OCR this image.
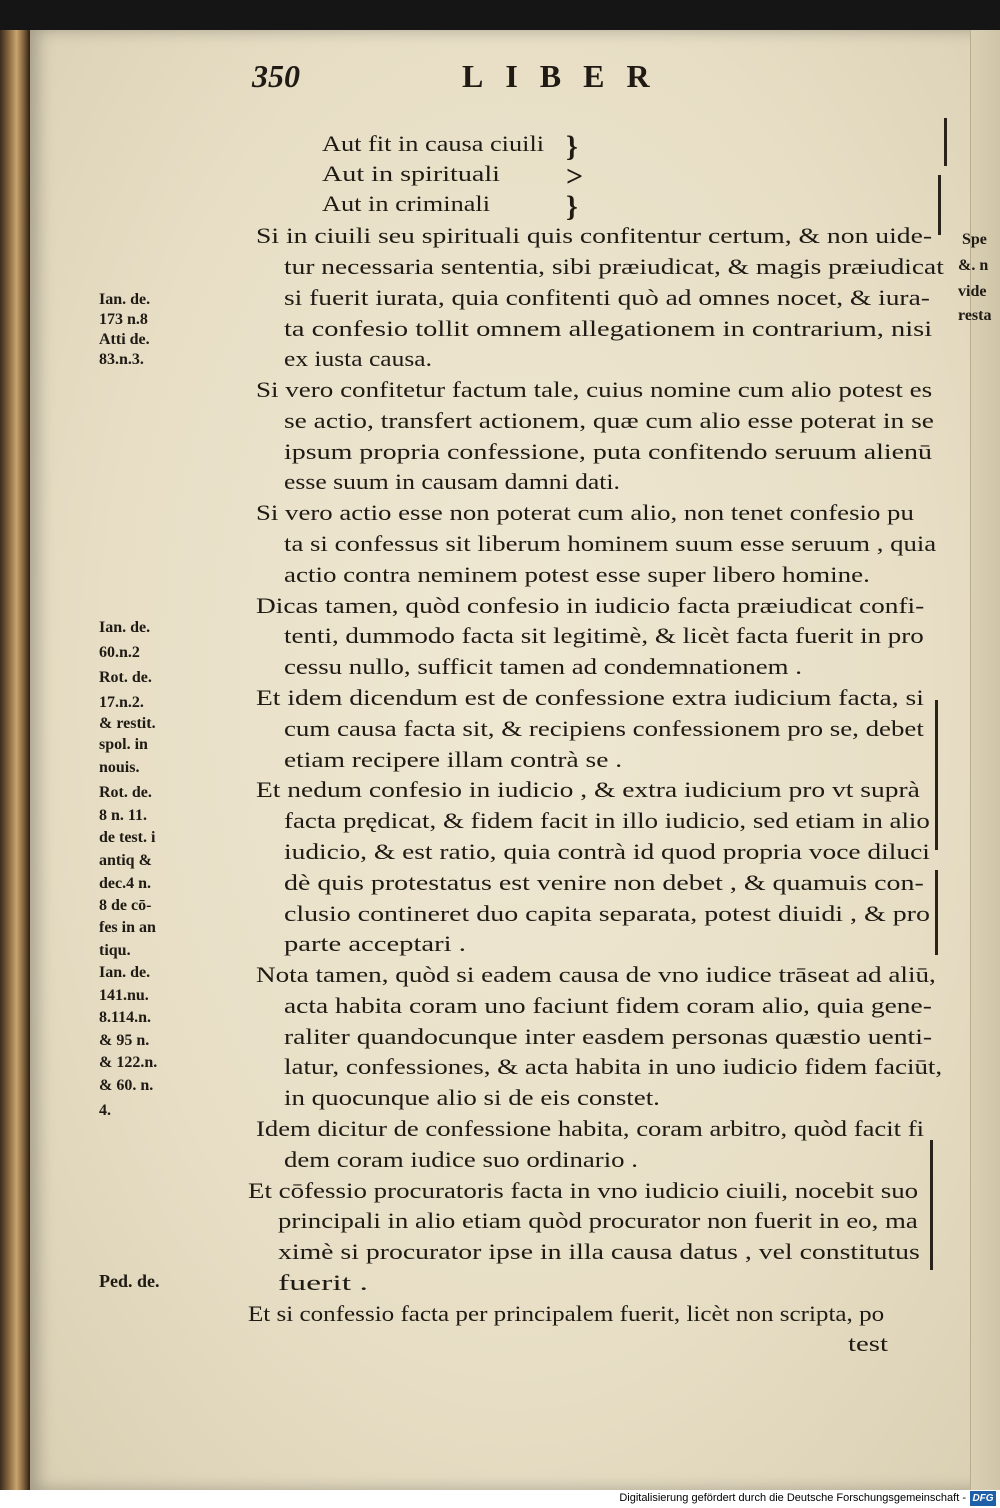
350	LIBER
}
>
}
Aut fit in causa ciuili
Aut in spirituali
Aut in criminali
Si in ciuili seu spirituali quis confitentur certum, & non uide-
tur necessaria sententia, sibi præiudicat, & magis præiudicat
si fuerit iurata, quia confitenti quò ad omnes nocet, & iura-
ta confesio tollit omnem allegationem in contrarium, nisi
ex iusta causa.
Si vero confitetur factum tale, cuius nomine cum alio potest es
se actio, transfert actionem, quæ cum alio esse poterat in se
ipsum propria confessione, puta confitendo seruum alienū
esse suum in causam damni dati.
Si vero actio esse non poterat cum alio, non tenet confesio pu
ta si confessus sit liberum hominem suum esse seruum , quia
actio contra neminem potest esse super libero homine.
Dicas tamen, quòd confesio in iudicio facta præiudicat confi-
tenti, dummodo facta sit legitimè, & licèt facta fuerit in pro
cessu nullo, sufficit tamen ad condemnationem .
Et idem dicendum est de confessione extra iudicium facta, si
cum causa facta sit, & recipiens confessionem pro se, debet
etiam recipere illam contrà se .
Et nedum confesio in iudicio , & extra iudicium pro vt suprà
facta prędicat, & fidem facit in illo iudicio, sed etiam in alio
iudicio, & est ratio, quia contrà id quod propria voce diluci
dè quis protestatus est venire non debet , & quamuis con-
clusio contineret duo capita separata, potest diuidi , & pro
parte acceptari .
Nota tamen, quòd si eadem causa de vno iudice trāseat ad aliū,
acta habita coram uno faciunt fidem coram alio, quia gene-
raliter quandocunque inter easdem personas quæstio uenti-
latur, confessiones, & acta habita in uno iudicio fidem faciūt,
in quocunque alio si de eis constet.
Idem dicitur de confessione habita, coram arbitro, quòd facit fi
dem coram iudice suo ordinario .
Et cōfessio procuratoris facta in vno iudicio ciuili, nocebit suo
principali in alio etiam quòd procurator non fuerit in eo, ma
ximè si procurator ipse in illa causa datus , vel constitutus
fuerit .
Et si confessio facta per principalem fuerit, licèt non scripta, po
test
Ian. de.
173 n.8
Atti de.
83.n.3.
Ian. de.
60.n.2
Rot. de.
17.n.2.
& restit.
spol. in
nouis.
Rot. de.
8 n. 11.
de test. i
antiq &
dec.4 n.
8 de cō-
fes in an
tiqu.
Ian. de.
141.nu.
8.114.n.
& 95 n.
& 122.n.
& 60. n.
4.
Ped. de.
Spe
&. n
vide
resta
Digitalisierung gefördert durch die Deutsche Forschungsgemeinschaft - DFG
